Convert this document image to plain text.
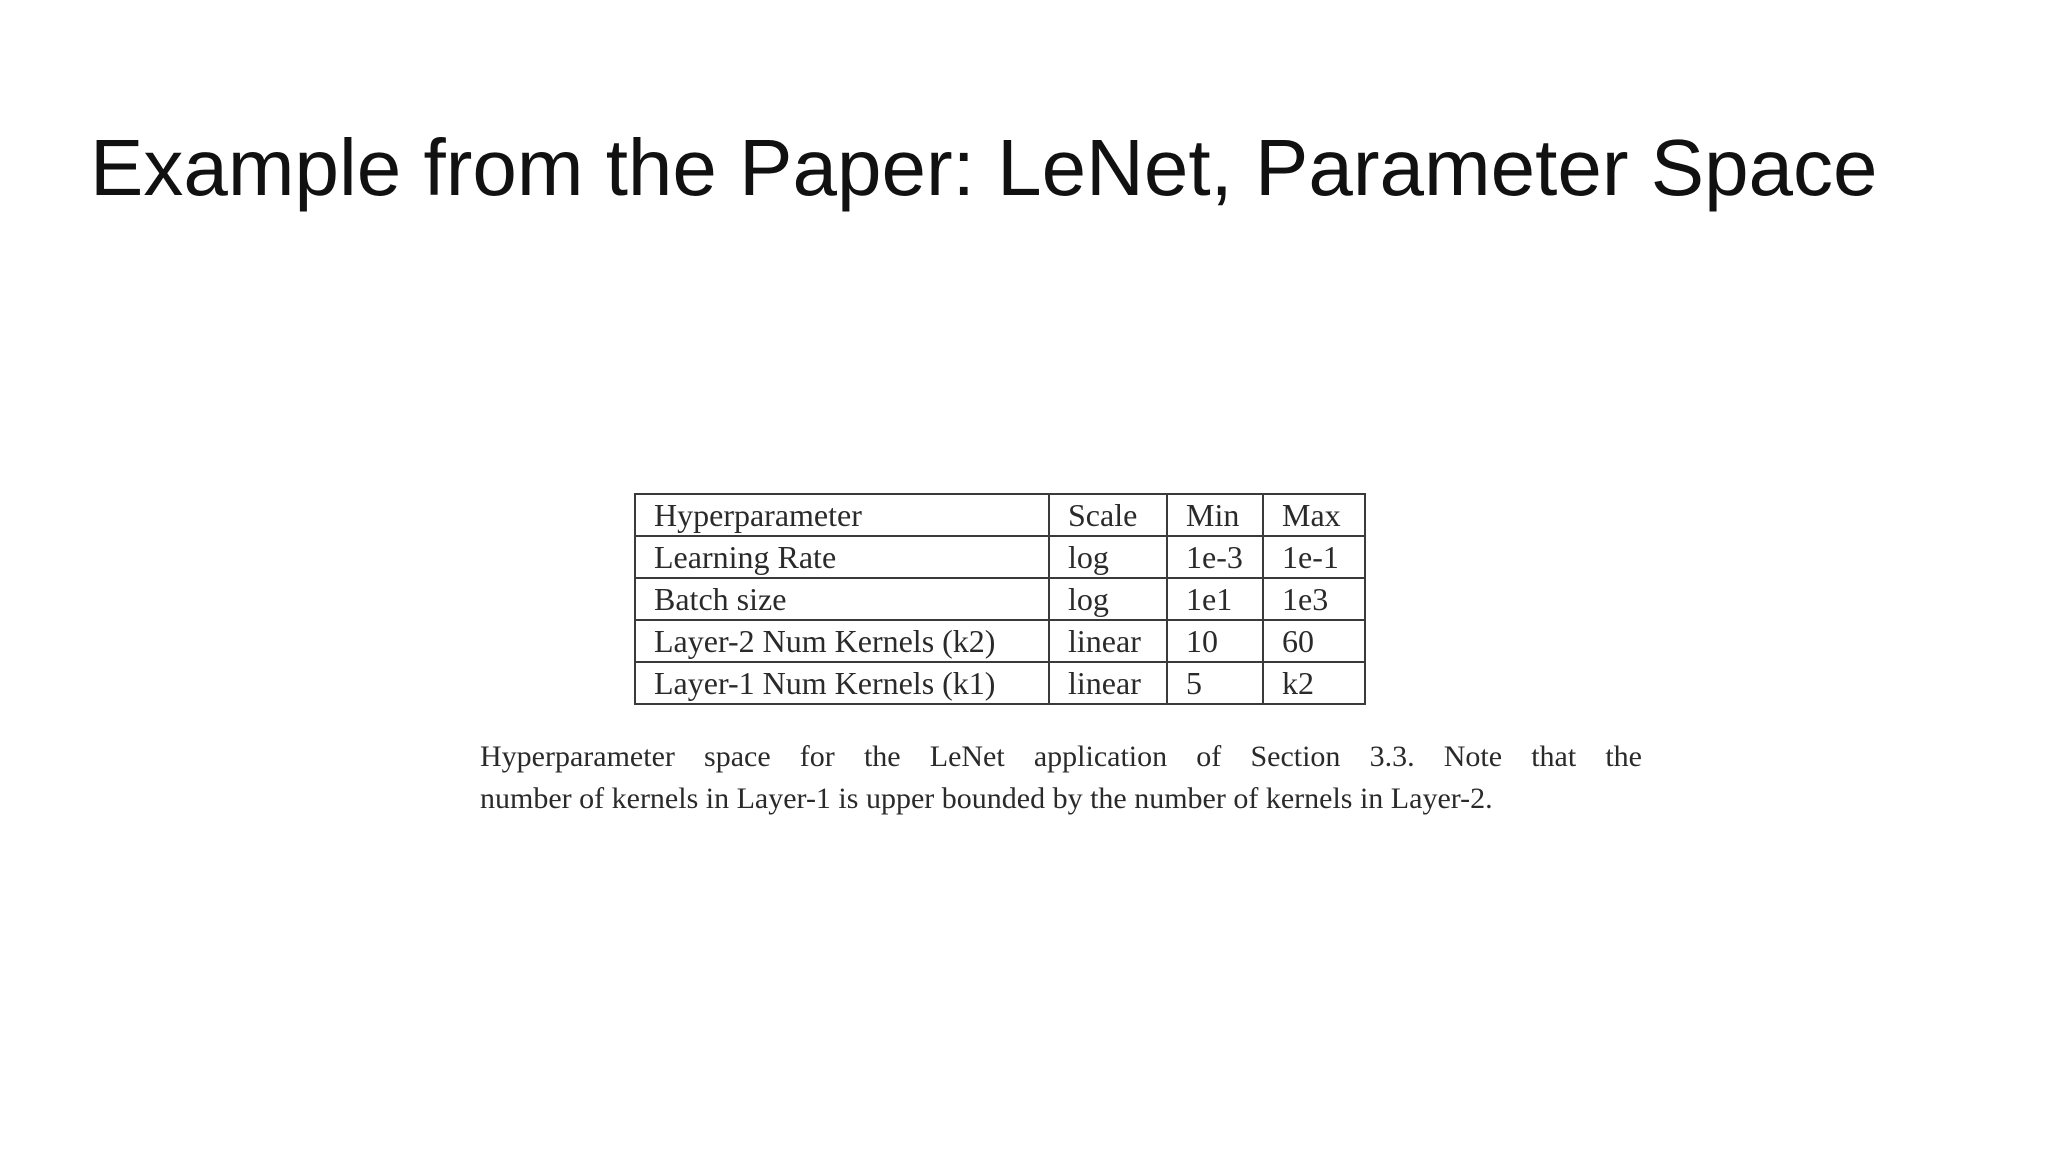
Example from the Paper: LeNet, Parameter Space
Hyperparameter	Scale	Min	Max
Learning Rate	log	1e-3	1e-1
Batch size	log	1e1	1e3
Layer-2 Num Kernels (k2)	linear	10	60
Layer-1 Num Kernels (k1)	linear	5	k2
Hyperparameter space for the LeNet application of Section 3.3. Note that the
number of kernels in Layer-1 is upper bounded by the number of kernels in Layer-2.
